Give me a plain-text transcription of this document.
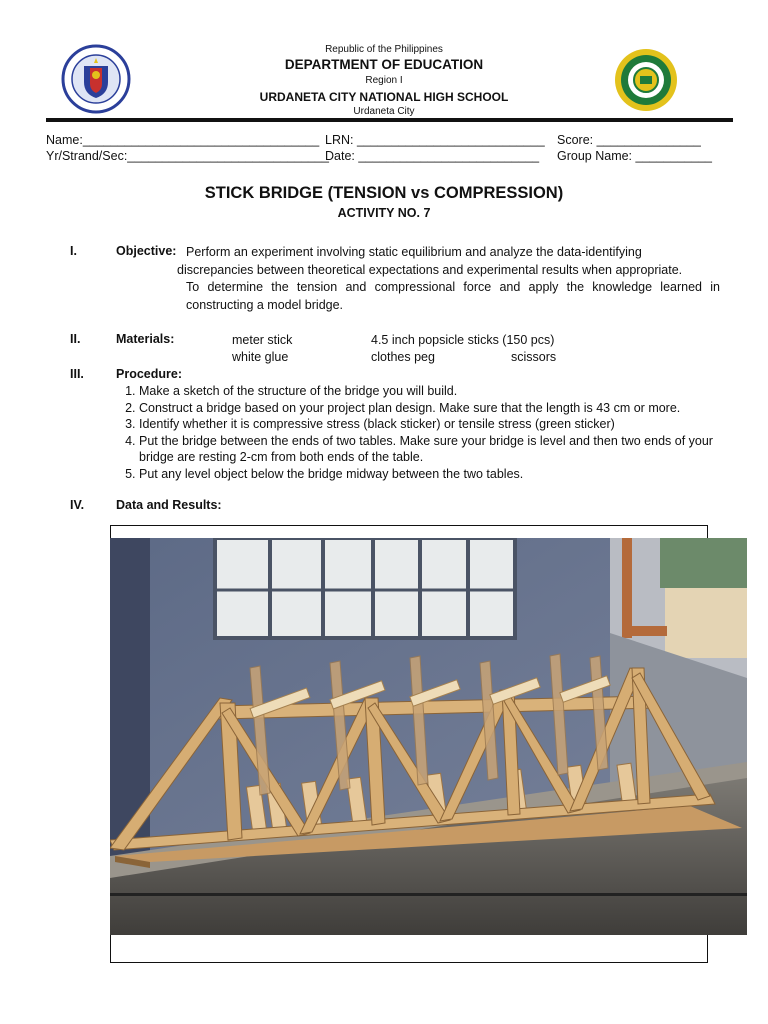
Republic of the Philippines
DEPARTMENT OF EDUCATION
Region I
URDANETA CITY NATIONAL HIGH SCHOOL
Urdaneta City
Name:__________________________________ LRN: ___________________________ Score: _______________
Yr/Strand/Sec:_____________________________
Date: __________________________ Group Name: ___________
STICK BRIDGE (TENSION vs COMPRESSION)
ACTIVITY NO. 7
I.	Objective: Perform an experiment involving static equilibrium and analyze the data-identifying
discrepancies between theoretical expectations and experimental results when appropriate.
To determine the tension and compressional force and apply the knowledge learned in
constructing a model bridge.
II.	Materials:	meter stick	4.5 inch popsicle sticks (150 pcs)
white glue	clothes peg	scissors
III.	Procedure:
1. Make a sketch of the structure of the bridge you will build.
2. Construct a bridge based on your project plan design. Make sure that the length is 43 cm or more.
3. Identify whether it is compressive stress (black sticker) or tensile stress (green sticker)
4. Put the bridge between the ends of two tables. Make sure your bridge is level and then two ends of your bridge are resting 2-cm from both ends of the table.
5. Put any level object below the bridge midway between the two tables.
IV.	Data and Results:
